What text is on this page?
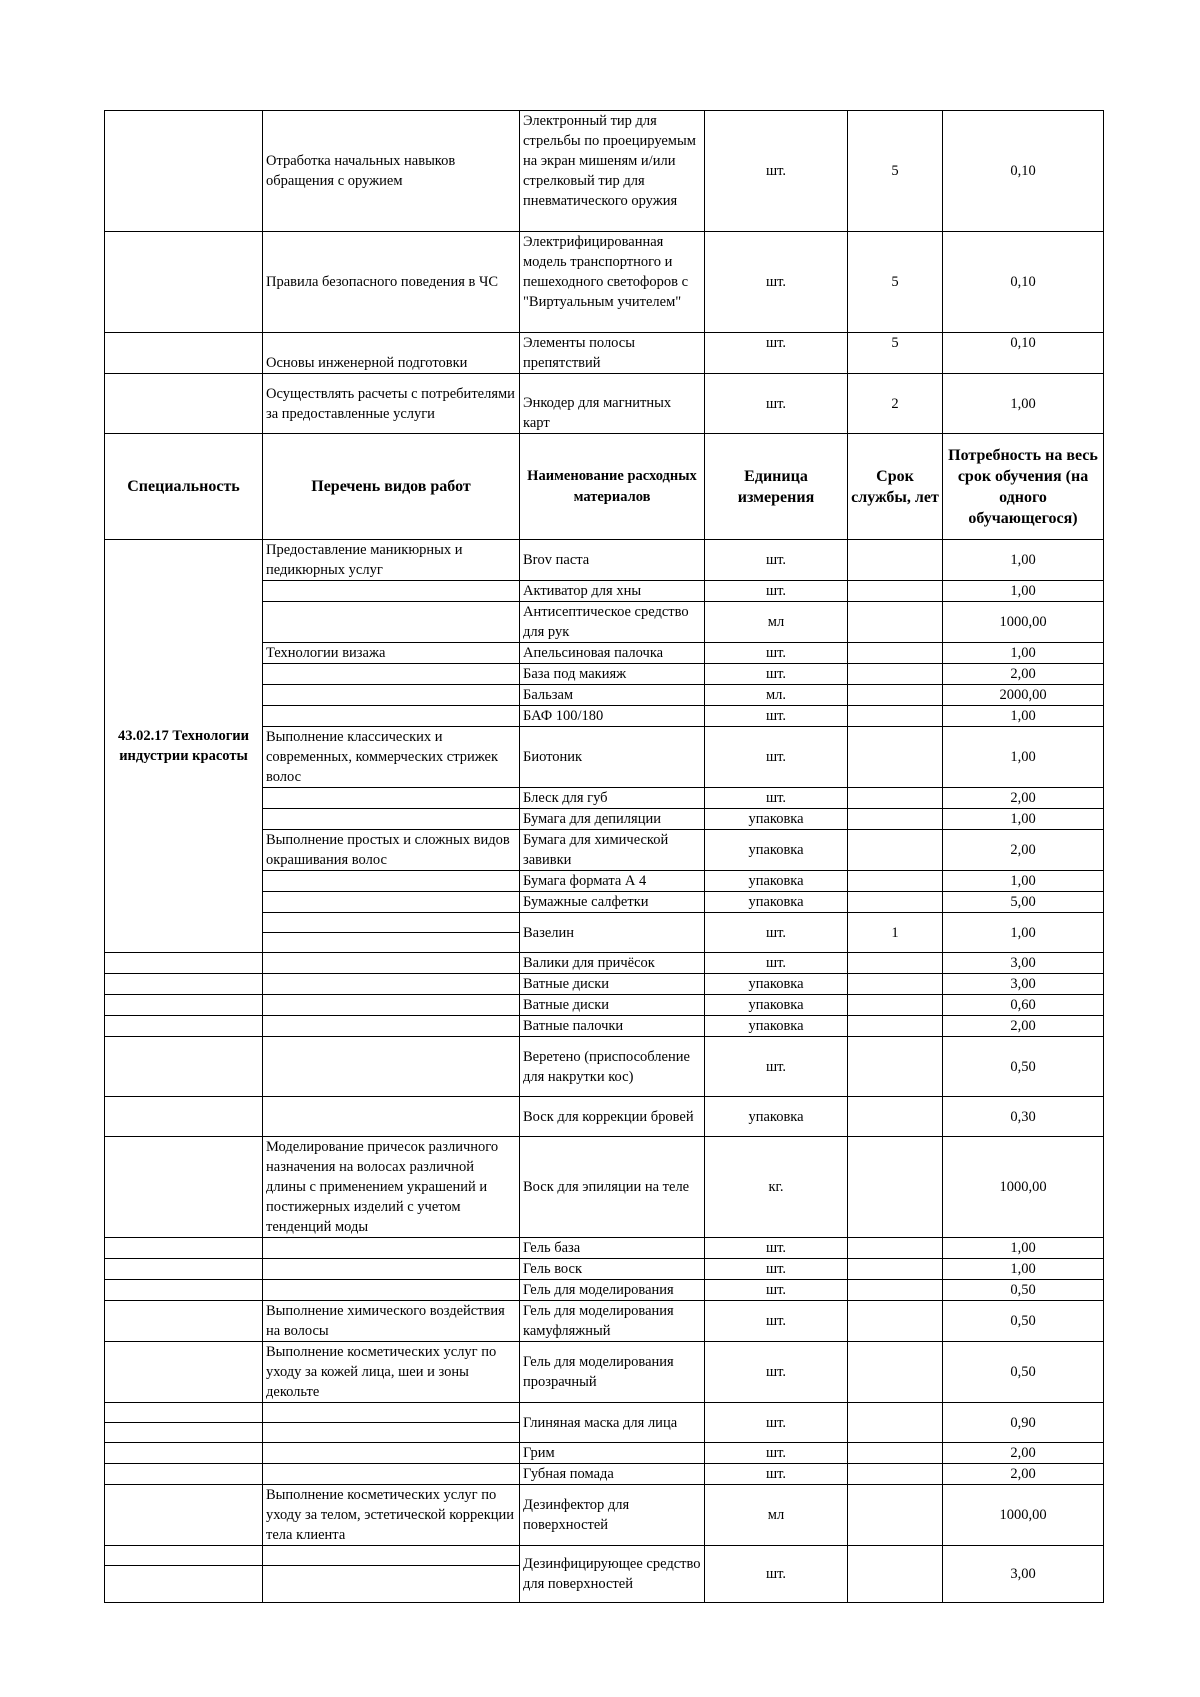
	Отработка начальных навыков обращения с оружием	Электронный тир для стрельбы по проецируемым на экран мишеням и/или стрелковый тир для пневматического оружия	шт.	5	0,10
	Правила безопасного поведения в ЧС	Электрифицированная модель транспортного и пешеходного светофоров с "Виртуальным учителем"	шт.	5	0,10
	Основы инженерной подготовки	Элементы полосы препятствий	шт.	5	0,10
	Осуществлять расчеты с потребителями за предоставленные услуги	Энкодер для магнитных карт	шт.	2	1,00
Специальность	Перечень видов работ	Наименование расходных материалов	Единица измерения	Срок службы, лет	Потребность на весь срок обучения (на одного обучающегося)
43.02.17 Технологии индустрии красоты	Предоставление маникюрных и педикюрных услуг	Brov паста	шт.		1,00
		Активатор для хны	шт.		1,00
		Антисептическое средство для рук	мл		1000,00
	Технологии визажа	Апельсиновая палочка	шт.		1,00
		База под макияж	шт.		2,00
		Бальзам	мл.		2000,00
		БАФ 100/180	шт.		1,00
	Выполнение классических и современных, коммерческих стрижек волос	Биотоник	шт.		1,00
		Блеск для губ	шт.		2,00
		Бумага для депиляции	упаковка		1,00
	Выполнение простых и сложных видов окрашивания волос	Бумага для химической завивки	упаковка		2,00
		Бумага формата А 4	упаковка		1,00
		Бумажные салфетки	упаковка		5,00
		Вазелин	шт.	1	1,00

		Валики для причёсок	шт.		3,00
		Ватные диски	упаковка		3,00
		Ватные диски	упаковка		0,60
		Ватные палочки	упаковка		2,00
		Веретено (приспособление для накрутки кос)	шт.		0,50
		Воск для коррекции бровей	упаковка		0,30
	Моделирование причесок различного назначения на волосах различной длины с применением украшений и постижерных изделий с учетом тенденций моды	Воск для эпиляции на теле	кг.		1000,00
		Гель база	шт.		1,00
		Гель воск	шт.		1,00
		Гель для моделирования	шт.		0,50
	Выполнение химического воздействия на волосы	Гель для моделирования камуфляжный	шт.		0,50
	Выполнение косметических услуг по уходу за кожей лица, шеи и зоны декольте	Гель для моделирования прозрачный	шт.		0,50
		Глиняная маска для лица	шт.		0,90

		Грим	шт.		2,00
		Губная помада	шт.		2,00
	Выполнение косметических услуг по уходу за телом, эстетической коррекции тела клиента	Дезинфектор для поверхностей	мл		1000,00
		Дезинфицирующее средство для поверхностей	шт.		3,00
